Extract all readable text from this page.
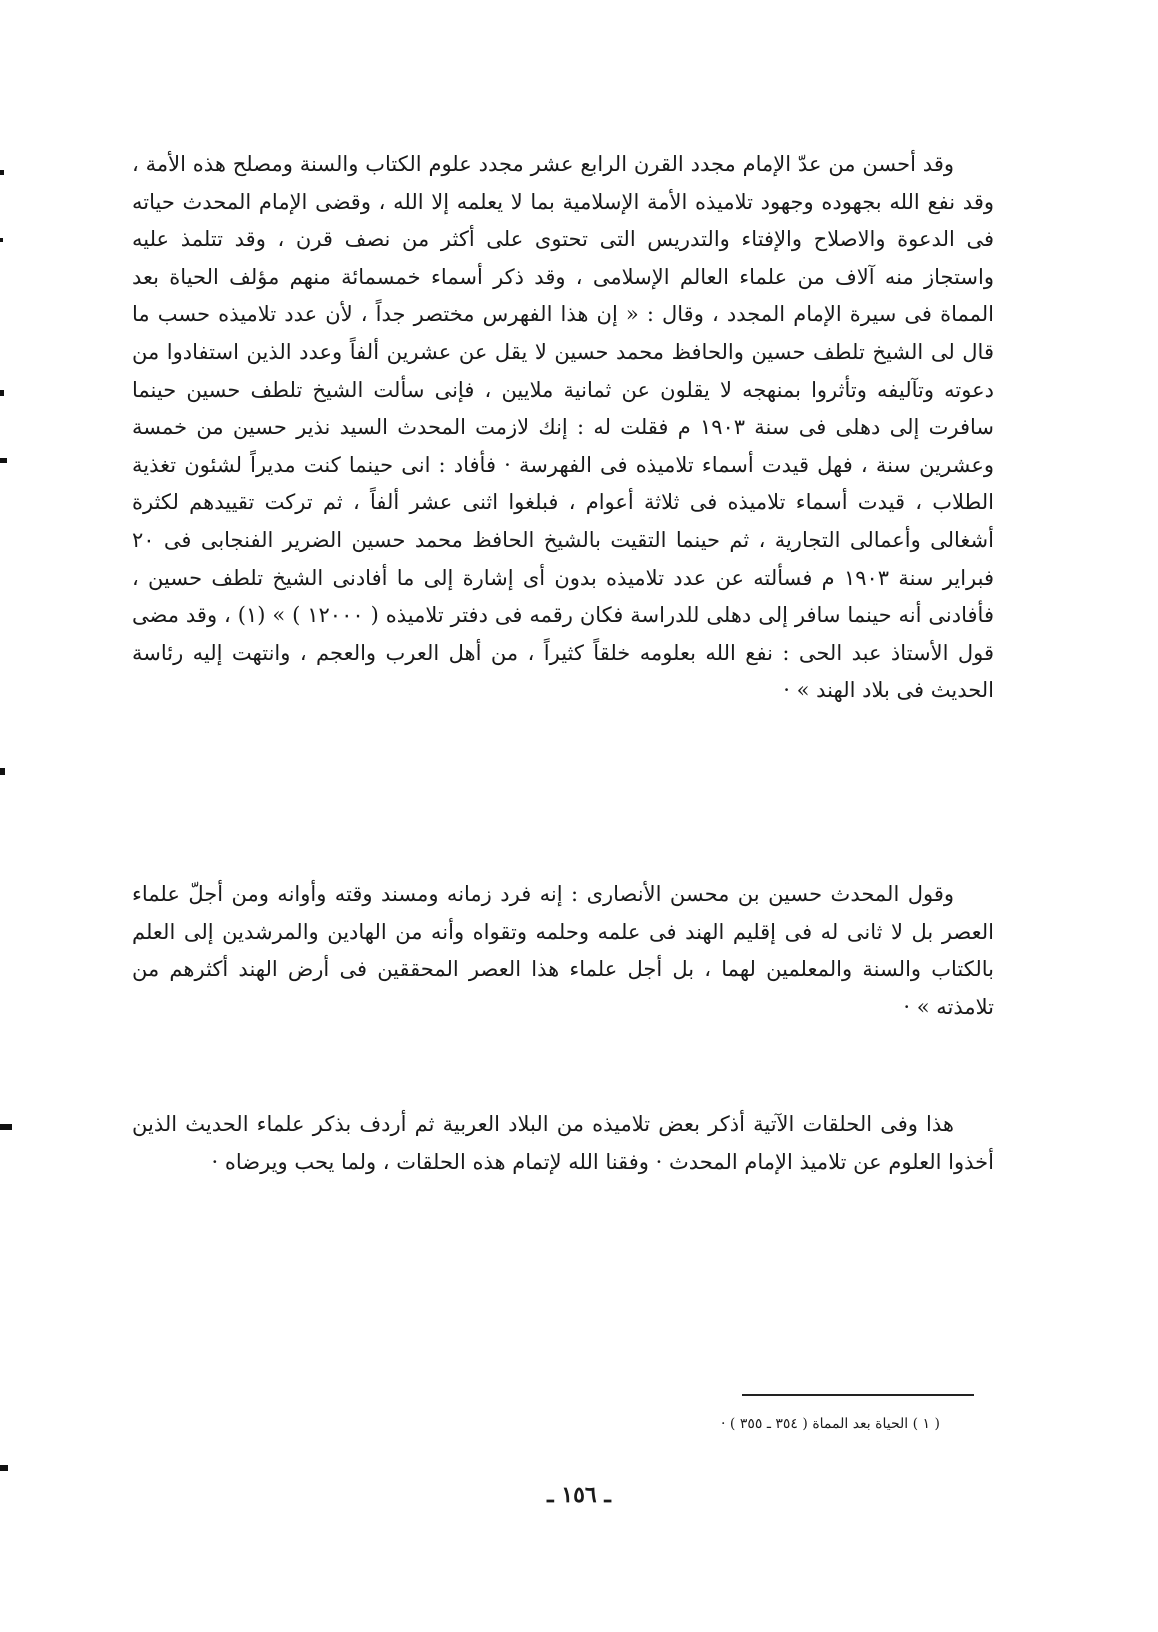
وقد أحسن من عدّ الإمام مجدد القرن الرابع عشر مجدد علوم الكتاب والسنة ومصلح هذه الأمة ، وقد نفع الله بجهوده وجهود تلاميذه الأمة الإسلامية بما لا يعلمه إلا الله ، وقضى الإمام المحدث حياته فى الدعوة والاصلاح والإفتاء والتدريس التى تحتوى على أكثر من نصف قرن ، وقد تتلمذ عليه واستجاز منه آلاف من علماء العالم الإسلامى ، وقد ذكر أسماء خمسمائة منهم مؤلف الحياة بعد المماة فى سيرة الإمام المجدد ، وقال : « إن هذا الفهرس مختصر جداً ، لأن عدد تلاميذه حسب ما قال لى الشيخ تلطف حسين والحافظ محمد حسين لا يقل عن عشرين ألفاً وعدد الذين استفادوا من دعوته وتآليفه وتأثروا بمنهجه لا يقلون عن ثمانية ملايين ، فإنى سألت الشيخ تلطف حسين حينما سافرت إلى دهلى فى سنة ١٩٠٣ م فقلت له : إنك لازمت المحدث السيد نذير حسين من خمسة وعشرين سنة ، فهل قيدت أسماء تلاميذه فى الفهرسة · فأفاد : انى حينما كنت مديراً لشئون تغذية الطلاب ، قيدت أسماء تلاميذه فى ثلاثة أعوام ، فبلغوا اثنى عشر ألفاً ، ثم تركت تقييدهم لكثرة أشغالى وأعمالى التجارية ، ثم حينما التقيت بالشيخ الحافظ محمد حسين الضرير الفنجابى فى ٢٠ فبراير سنة ١٩٠٣ م فسألته عن عدد تلاميذه بدون أى إشارة إلى ما أفادنى الشيخ تلطف حسين ، فأفادنى أنه حينما سافر إلى دهلى للدراسة فكان رقمه فى دفتر تلاميذه ( ١٢٠٠٠ ) » (١) ، وقد مضى قول الأستاذ عبد الحى : نفع الله بعلومه خلقاً كثيراً ، من أهل العرب والعجم ، وانتهت إليه رئاسة الحديث فى بلاد الهند » ·

وقول المحدث حسين بن محسن الأنصارى : إنه فرد زمانه ومسند وقته وأوانه ومن أجلّ علماء العصر بل لا ثانى له فى إقليم الهند فى علمه وحلمه وتقواه وأنه من الهادين والمرشدين إلى العلم بالكتاب والسنة والمعلمين لهما ، بل أجل علماء هذا العصر المحققين فى أرض الهند أكثرهم من تلامذته » ·

هذا وفى الحلقات الآتية أذكر بعض تلاميذه من البلاد العربية ثم أردف بذكر علماء الحديث الذين أخذوا العلوم عن تلاميذ الإمام المحدث · وفقنا الله لإتمام هذه الحلقات ، ولما يحب ويرضاه ·

( ١ ) الحياة بعد المماة ( ٣٥٤ ـ ٣٥٥ ) ·

ـ ١٥٦ ـ
